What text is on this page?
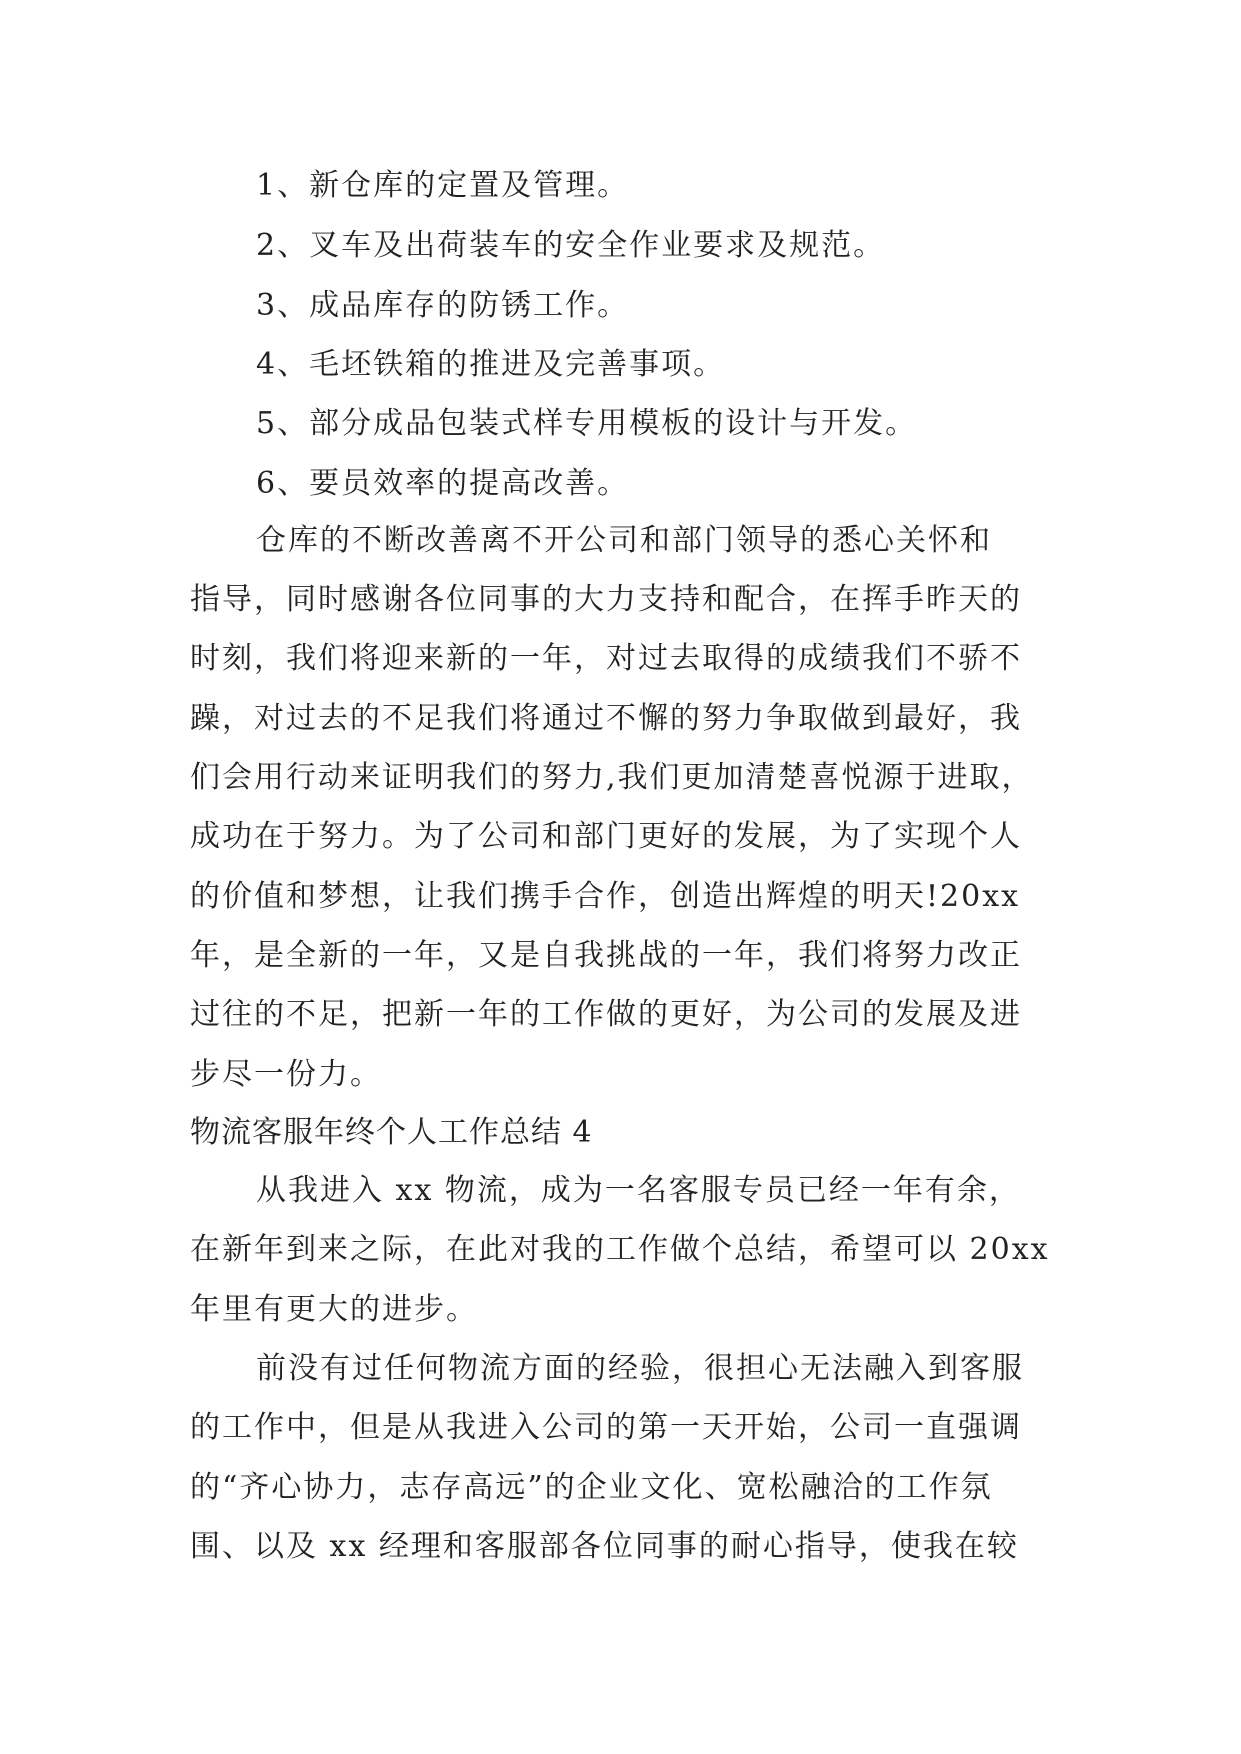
1、新仓库的定置及管理。
2、叉车及出荷装车的安全作业要求及规范。
3、成品库存的防锈工作。
4、毛坯铁箱的推进及完善事项。
5、部分成品包装式样专用模板的设计与开发。
6、要员效率的提高改善。
仓库的不断改善离不开公司和部门领导的悉心关怀和
指导，同时感谢各位同事的大力支持和配合，在挥手昨天的
时刻，我们将迎来新的一年，对过去取得的成绩我们不骄不
躁，对过去的不足我们将通过不懈的努力争取做到最好，我
们会用行动来证明我们的努力,我们更加清楚喜悦源于进取，
成功在于努力。为了公司和部门更好的发展，为了实现个人
的价值和梦想，让我们携手合作，创造出辉煌的明天!20xx
年，是全新的一年，又是自我挑战的一年，我们将努力改正
过往的不足，把新一年的工作做的更好，为公司的发展及进
步尽一份力。
物流客服年终个人工作总结 4
从我进入 xx 物流，成为一名客服专员已经一年有余，
在新年到来之际，在此对我的工作做个总结，希望可以 20xx
年里有更大的进步。
前没有过任何物流方面的经验，很担心无法融入到客服
的工作中，但是从我进入公司的第一天开始，公司一直强调
的“齐心协力，志存高远”的企业文化、宽松融洽的工作氛
围、以及 xx 经理和客服部各位同事的耐心指导，使我在较
